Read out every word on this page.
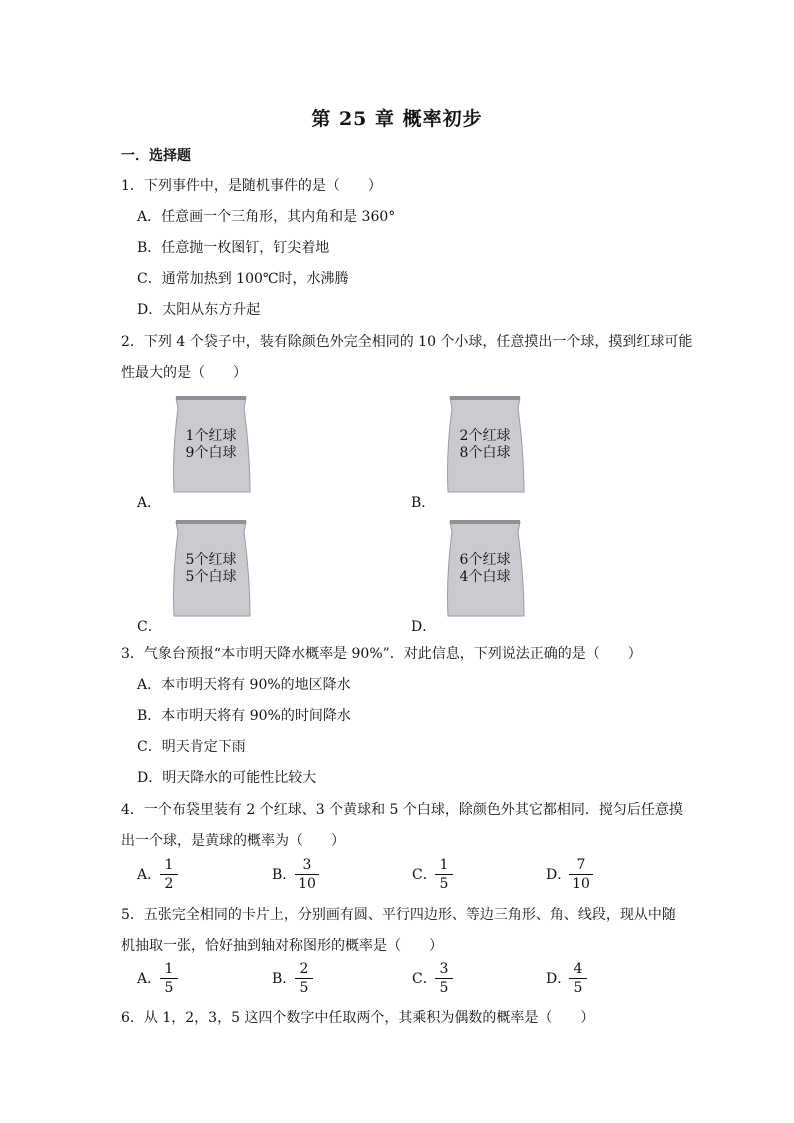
第 25 章 概率初步
一．选择题
1．下列事件中，是随机事件的是（　　）
A．任意画一个三角形，其内角和是 360°
B．任意抛一枚图钉，钉尖着地
C．通常加热到 100℃时，水沸腾
D．太阳从东方升起
2．下列 4 个袋子中，装有除颜色外完全相同的 10 个小球，任意摸出一个球，摸到红球可能
性最大的是（　　）
A．
1个红球
9个白球
B．
2个红球
8个白球
C．
5个红球
5个白球
D．
6个红球
4个白球
3．气象台预报“本市明天降水概率是 90%”．对此信息，下列说法正确的是（　　）
A．本市明天将有 90%的地区降水
B．本市明天将有 90%的时间降水
C．明天肯定下雨
D．明天降水的可能性比较大
4．一个布袋里装有 2 个红球、3 个黄球和 5 个白球，除颜色外其它都相同．搅匀后任意摸
出一个球，是黄球的概率为（　　）
A．
1
2
B．
3
10
C．
1
5
D．
7
10
5．五张完全相同的卡片上，分别画有圆、平行四边形、等边三角形、角、线段，现从中随
机抽取一张，恰好抽到轴对称图形的概率是（　　）
A．
1
5
B．
2
5
C．
3
5
D．
4
5
6．从 1，2，3，5 这四个数字中任取两个，其乘积为偶数的概率是（　　）
